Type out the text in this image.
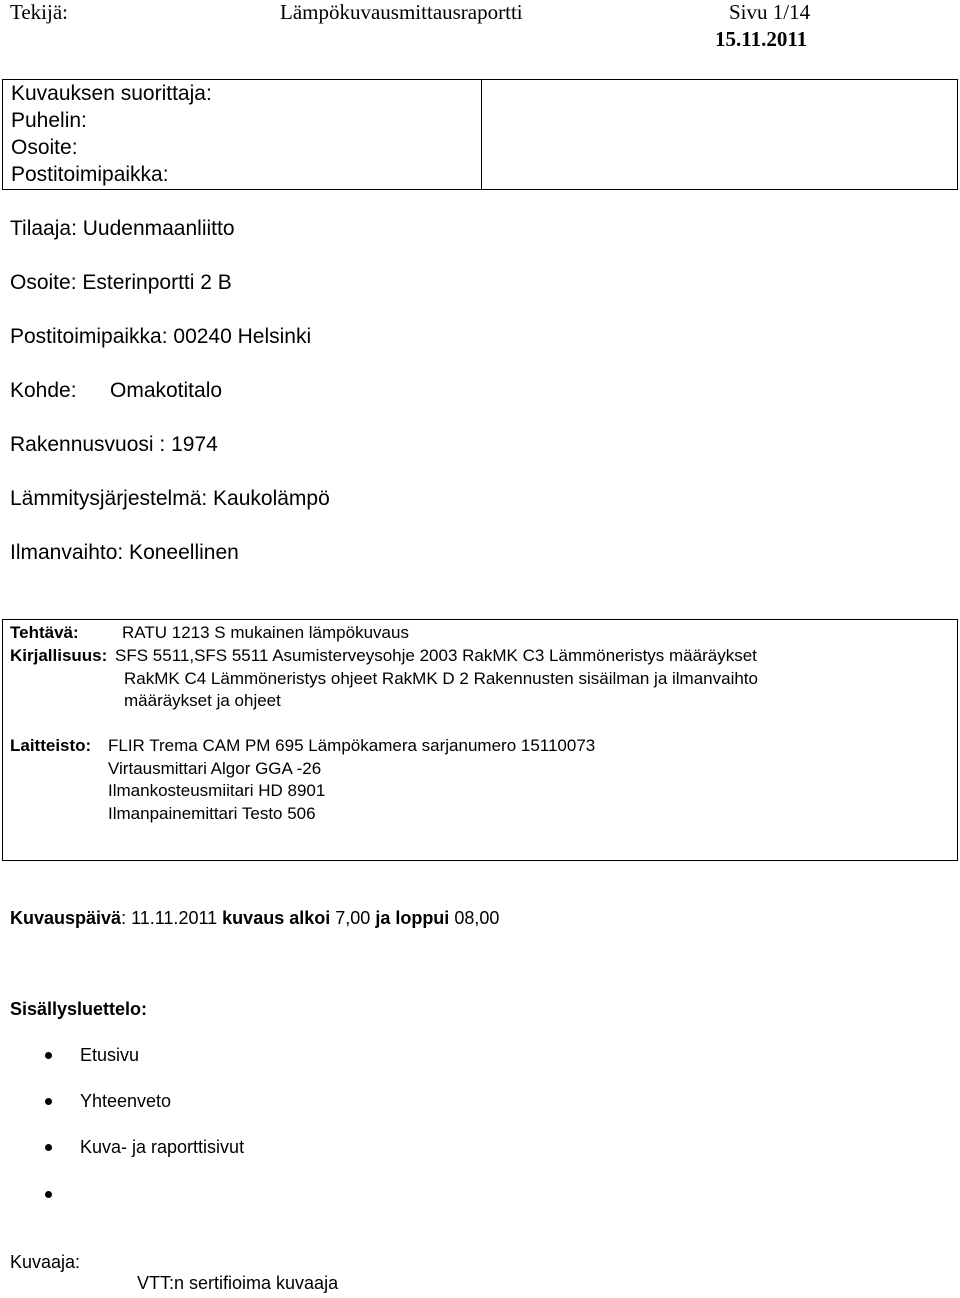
Tekijä:	Lämpökuvausmittausraportti	Sivu 1/14
15.11.2011
Kuvauksen suorittaja:
Puhelin:
Osoite:
Postitoimipaikka:
Tilaaja: Uudenmaanliitto
Osoite: Esterinportti 2 B
Postitoimipaikka: 00240 Helsinki
Kohde: Omakotitalo
Rakennusvuosi : 1974
Lämmitysjärjestelmä: Kaukolämpö
Ilmanvaihto: Koneellinen
Tehtävä:	RATU 1213 S mukainen lämpökuvaus
Kirjallisuus: SFS 5511,SFS 5511 Asumisterveysohje 2003 RakMK C3 Lämmöneristys määräykset
RakMK C4 Lämmöneristys ohjeet RakMK D 2 Rakennusten sisäilman ja ilmanvaihto
määräykset ja ohjeet
Laitteisto: FLIR Trema CAM PM 695 Lämpökamera sarjanumero 15110073
Virtausmittari Algor GGA -26
Ilmankosteusmiitari HD 8901
Ilmanpainemittari Testo 506
Kuvauspäivä: 11.11.2011 kuvaus alkoi 7,00 ja loppui 08,00
Sisällysluettelo:
Etusivu
Yhteenveto
Kuva- ja raporttisivut
Kuvaaja:
VTT:n sertifioima kuvaaja
